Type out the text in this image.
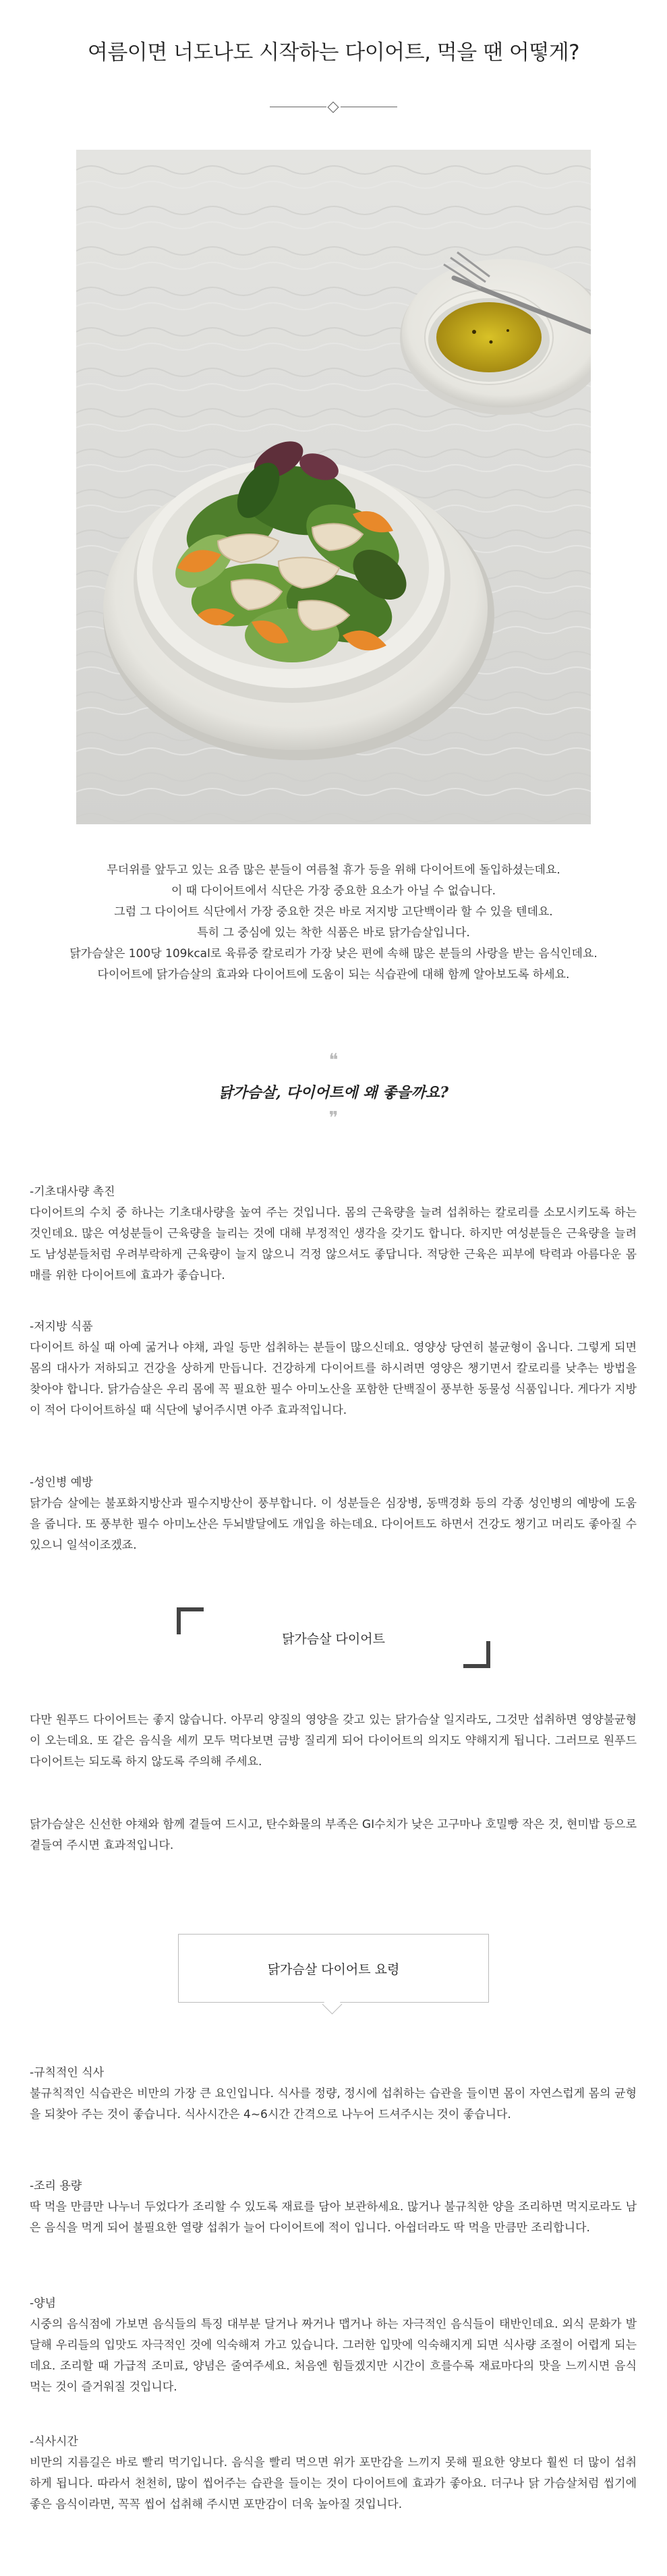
여름이면 너도나도 시작하는 다이어트, 먹을 땐 어떻게?

무더위를 앞두고 있는 요즘 많은 분들이 여름철 휴가 등을 위해 다이어트에 돌입하셨는데요.

이 때 다이어트에서 식단은 가장 중요한 요소가 아닐 수 없습니다.

그럼 그 다이어트 식단에서 가장 중요한 것은 바로 저지방 고단백이라 할 수 있을 텐데요.

특히 그 중심에 있는 착한 식품은 바로 닭가슴살입니다.

닭가슴살은 100당 109kcal로 육류중 칼로리가 가장 낮은 편에 속해 많은 분들의 사랑을 받는 음식인데요.

다이어트에 닭가슴살의 효과와 다이어트에 도움이 되는 식습관에 대해 함께 알아보도록 하세요.

❝
닭가슴살, 다이어트에 왜 좋을까요?
❞

-기초대사량 촉진

다이어트의 수치 중 하나는 기초대사량을 높여 주는 것입니다. 몸의 근육량을 늘려 섭취하는 칼로리를 소모시키도록 하는 것인데요. 많은 여성분들이 근육량을 늘리는 것에 대해 부정적인 생각을 갖기도 합니다. 하지만 여성분들은 근육량을 늘려도 남성분들처럼 우려부락하게 근육량이 늘지 않으니 걱정 않으셔도 좋답니다. 적당한 근육은 피부에 탁력과 아름다운 몸매를 위한 다이어트에 효과가 좋습니다.

-저지방 식품

다이어트 하실 때 아예 굶거나 야채, 과일 등만 섭취하는 분들이 많으신데요. 영양상 당연히 불균형이 옵니다. 그렇게 되면 몸의 대사가 저하되고 건강을 상하게 만듭니다. 건강하게 다이어트를 하시려면 영양은 챙기면서 칼로리를 낮추는 방법을 찾아야 합니다. 닭가슴살은 우리 몸에 꼭 필요한 필수 아미노산을 포함한 단백질이 풍부한 동물성 식품입니다. 게다가 지방이 적어 다이어트하실 때 식단에 넣어주시면 아주 효과적입니다.

-성인병 예방

닭가슴 살에는 불포화지방산과 필수지방산이 풍부합니다. 이 성분들은 심장병, 동맥경화 등의 각종 성인병의 예방에 도움을 줍니다. 또 풍부한 필수 아미노산은 두뇌발달에도 개입을 하는데요. 다이어트도 하면서 건강도 챙기고 머리도 좋아질 수 있으니 일석이조겠죠.

닭가슴살 다이어트

다만 원푸드 다이어트는 좋지 않습니다. 아무리 양질의 영양을 갖고 있는 닭가슴살 일지라도, 그것만 섭취하면 영양불균형이 오는데요. 또 같은 음식을 세끼 모두 먹다보면 금방 질리게 되어 다이어트의 의지도 약해지게 됩니다. 그러므로 원푸드 다이어트는 되도록 하지 않도록 주의해 주세요.

닭가슴살은 신선한 야채와 함께 곁들여 드시고, 탄수화물의 부족은 GI수치가 낮은 고구마나 호밀빵 작은 것, 현미밥 등으로 곁들여 주시면 효과적입니다.

닭가슴살 다이어트 요령

-규칙적인 식사

불규칙적인 식습관은 비만의 가장 큰 요인입니다. 식사를 정량, 정시에 섭취하는 습관을 들이면 몸이 자연스럽게 몸의 균형을 되찾아 주는 것이 좋습니다. 식사시간은 4~6시간 간격으로 나누어 드셔주시는 것이 좋습니다.

-조리 용량

딱 먹을 만큼만 나누너 두었다가 조리할 수 있도록 재료를 담아 보관하세요. 많거나 불규칙한 양을 조리하면 먹지로라도 남은 음식을 먹게 되어 불필요한 열량 섭취가 늘어 다이어트에 적이 입니다. 아쉽더라도 딱 먹을 만큼만 조리합니다.

-양념

시중의 음식점에 가보면 음식들의 특징 대부분 달거나 짜거나 맵거나 하는 자극적인 음식들이 태반인데요. 외식 문화가 발달해 우리들의 입맛도 자극적인 것에 익숙해져 가고 있습니다. 그러한 입맛에 익숙해지게 되면 식사량 조절이 어렵게 되는데요. 조리할 때 가급적 조미료, 양념은 줄여주세요. 처음엔 힘들겠지만 시간이 흐를수록 재료마다의 맛을 느끼시면 음식 먹는 것이 즐거워질 것입니다.

-식사시간

비만의 지름길은 바로 빨리 먹기입니다. 음식을 빨리 먹으면 위가 포만감을 느끼지 못해 필요한 양보다 훨씬 더 많이 섭취하게 됩니다. 따라서 천천히, 많이 씹어주는 습관을 들이는 것이 다이어트에 효과가 좋아요. 더구나 닭 가슴살처럼 씹기에 좋은 음식이라면, 꼭꼭 씹어 섭취해 주시면 포만감이 더욱 높아질 것입니다.
